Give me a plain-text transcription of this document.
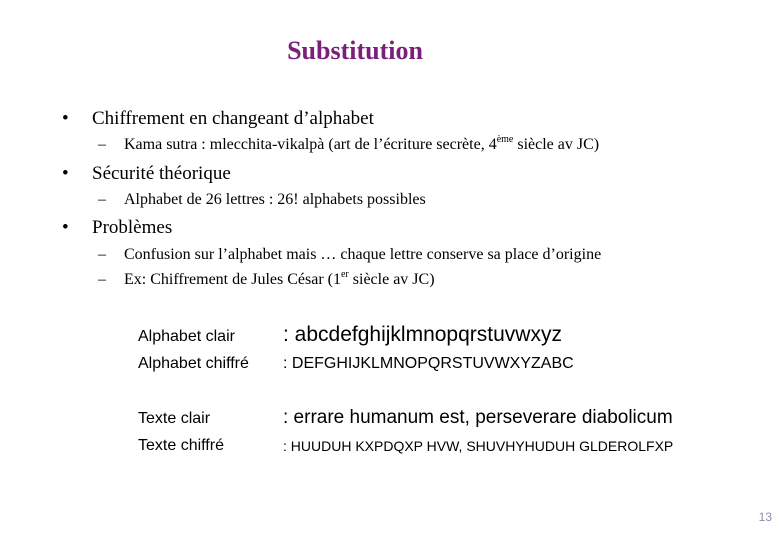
Substitution
• Chiffrement en changeant d’alphabet
– Kama sutra : mlecchita-vikalpà (art de l’écriture secrète, 4ème siècle av JC)
• Sécurité théorique
– Alphabet de 26 lettres : 26! alphabets possibles
• Problèmes
– Confusion sur l’alphabet mais … chaque lettre conserve sa place d’origine
– Ex: Chiffrement de Jules César (1er siècle av JC)
Alphabet clair : abcdefghijklmnopqrstuvwxyz
Alphabet chiffré : DEFGHIJKLMNOPQRSTUVWXYZABC
Texte clair	: errare humanum est, perseverare diabolicum
Texte chiffré	: HUUDUH KXPDQXP HVW, SHUVHYHUDUH GLDEROLFXP
13
